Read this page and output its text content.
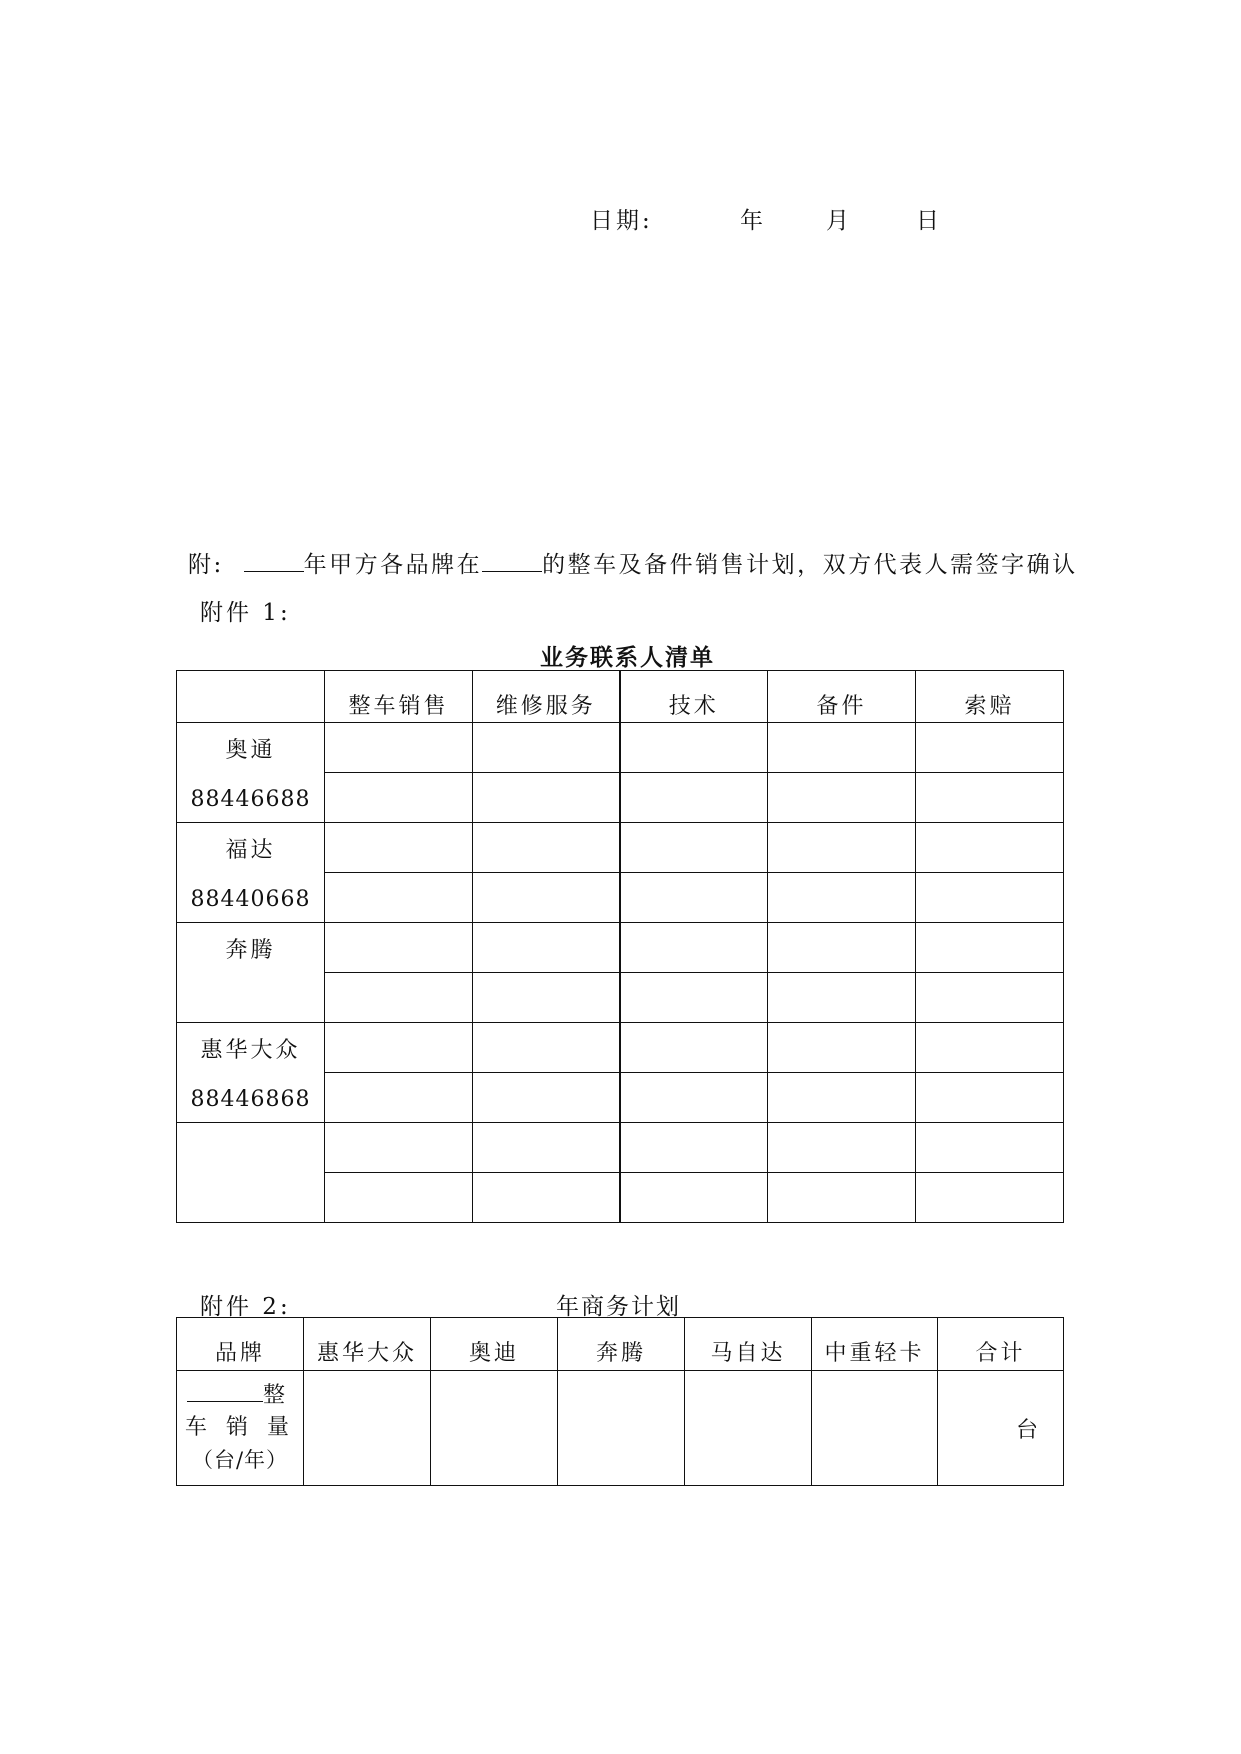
日期:	年	月	日
附:	年甲方各品牌在	的整车及备件销售计划，双方代表人需签字确认
附件 1:
业务联系人清单
	整车销售	维修服务	技术	备件	索赔

奥通
88446688					

福达
88440668					

奔腾					

惠华大众
88446868					

附件 2:	年商务计划
品牌	惠华大众	奥迪	奔腾	马自达	中重轻卡	合计

整
车 销 量
（台/年）						台
